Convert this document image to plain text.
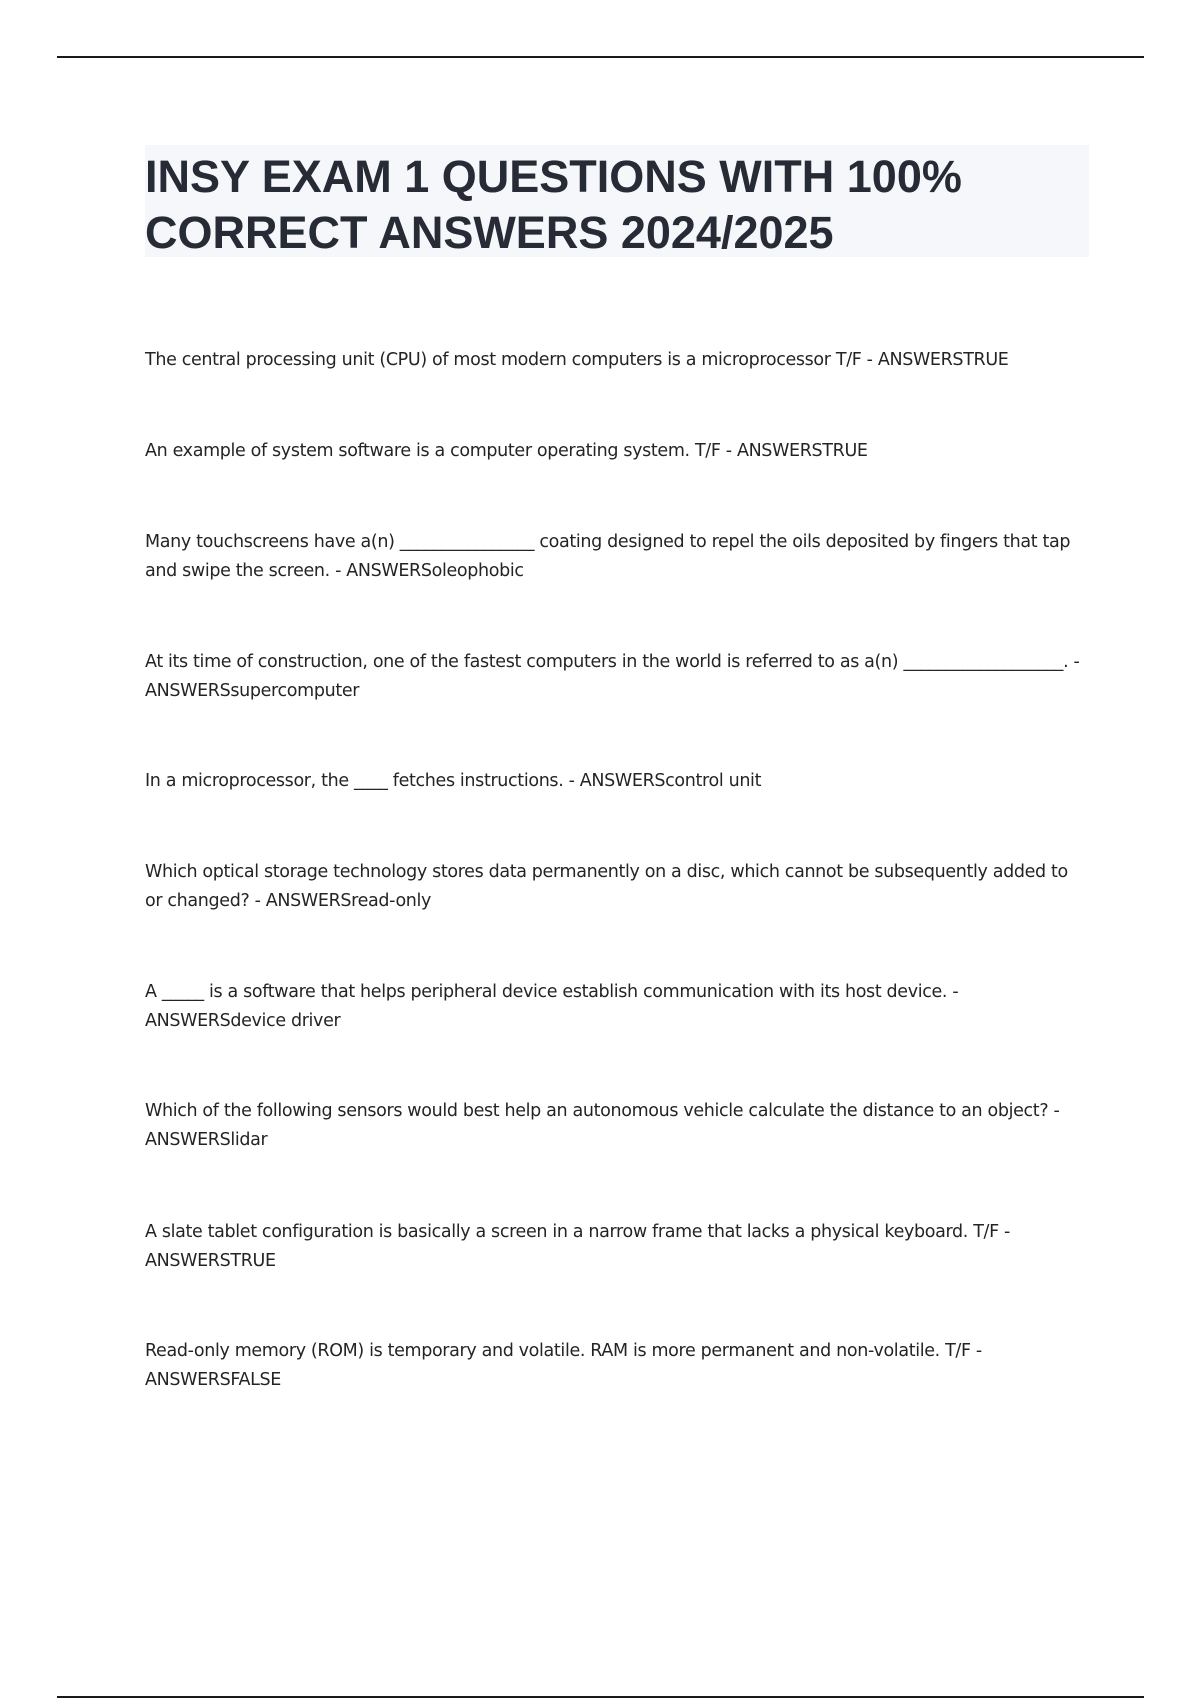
INSY EXAM 1 QUESTIONS WITH 100%
CORRECT ANSWERS 2024/2025

The central processing unit (CPU) of most modern computers is a microprocessor T/F - ANSWERSTRUE

An example of system software is a computer operating system. T/F - ANSWERSTRUE

Many touchscreens have a(n) ________________ coating designed to repel the oils deposited by fingers that tap and swipe the screen. - ANSWERSoleophobic

At its time of construction, one of the fastest computers in the world is referred to as a(n) ___________________. - ANSWERSsupercomputer

In a microprocessor, the ____ fetches instructions. - ANSWERScontrol unit

Which optical storage technology stores data permanently on a disc, which cannot be subsequently added to or changed? - ANSWERSread-only

A _____ is a software that helps peripheral device establish communication with its host device. - ANSWERSdevice driver

Which of the following sensors would best help an autonomous vehicle calculate the distance to an object? - ANSWERSlidar

A slate tablet configuration is basically a screen in a narrow frame that lacks a physical keyboard. T/F - ANSWERSTRUE

Read-only memory (ROM) is temporary and volatile. RAM is more permanent and non-volatile. T/F - ANSWERSFALSE
